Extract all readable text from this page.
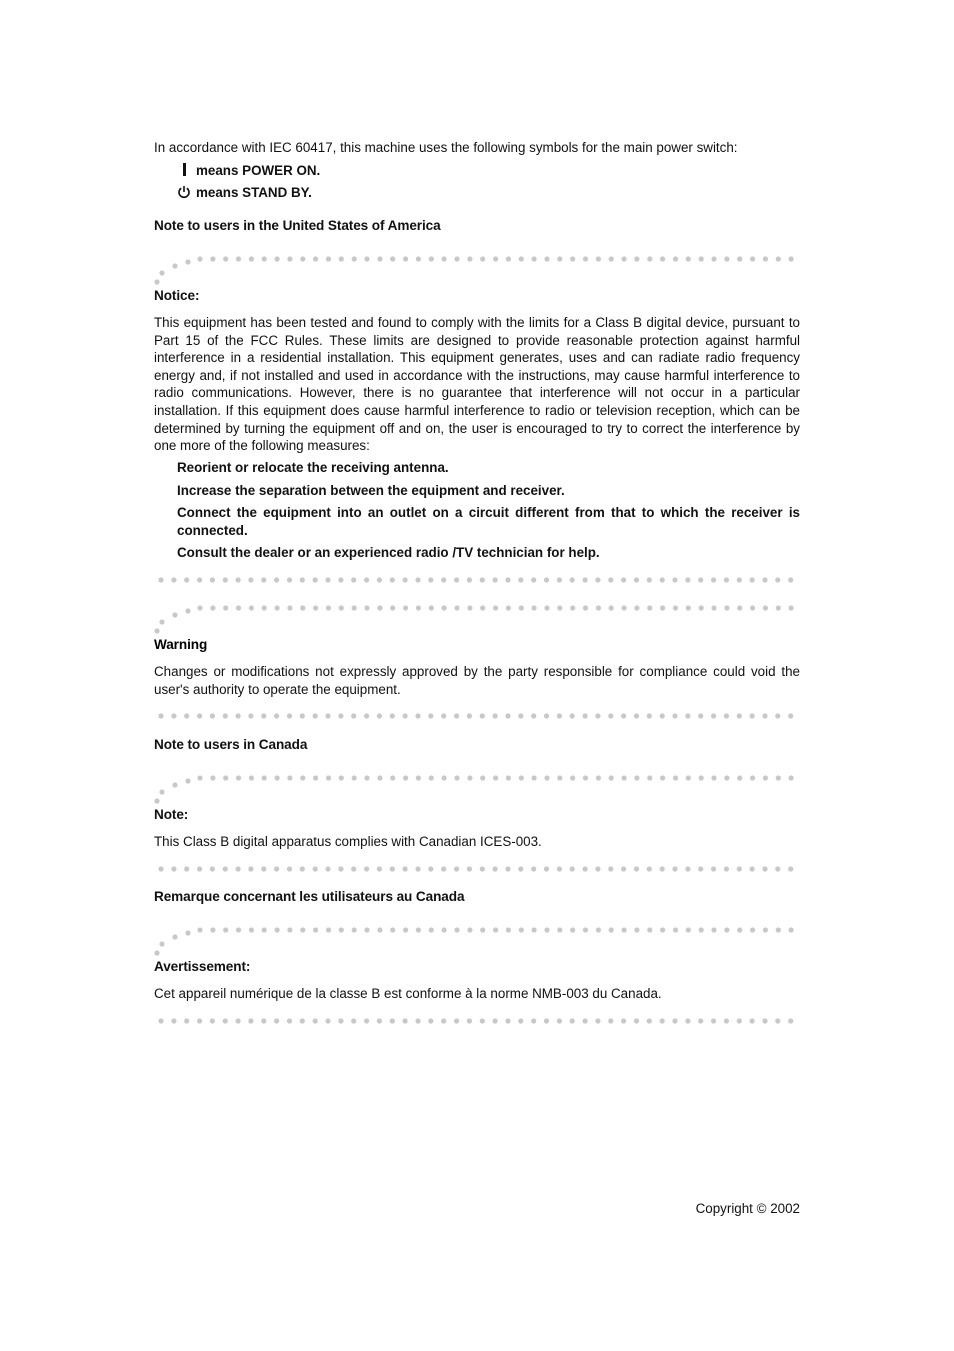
In accordance with IEC 60417, this machine uses the following symbols for the main power switch:

means POWER ON.
means STAND BY.
Note to users in the United States of America
Notice:

This equipment has been tested and found to comply with the limits for a Class B digital device, pursuant to Part 15 of the FCC Rules. These limits are designed to provide reasonable protection against harmful interference in a residential installation. This equipment generates, uses and can radiate radio frequency energy and, if not installed and used in accordance with the instructions, may cause harmful interference to radio communications. However, there is no guarantee that interference will not occur in a particular installation. If this equipment does cause harmful interference to radio or television reception, which can be determined by turning the equipment off and on, the user is encouraged to try to correct the interference by one more of the following measures:

Reorient or relocate the receiving antenna.
Increase the separation between the equipment and receiver.
Connect the equipment into an outlet on a circuit different from that to which the receiver is connected.
Consult the dealer or an experienced radio /TV technician for help.
Warning

Changes or modifications not expressly approved by the party responsible for compliance could void the user's authority to operate the equipment.

Note to users in Canada
Note:

This Class B digital apparatus complies with Canadian ICES-003.

Remarque concernant les utilisateurs au Canada
Avertissement:

Cet appareil numérique de la classe B est conforme à la norme NMB-003 du Canada.

Copyright © 2002
